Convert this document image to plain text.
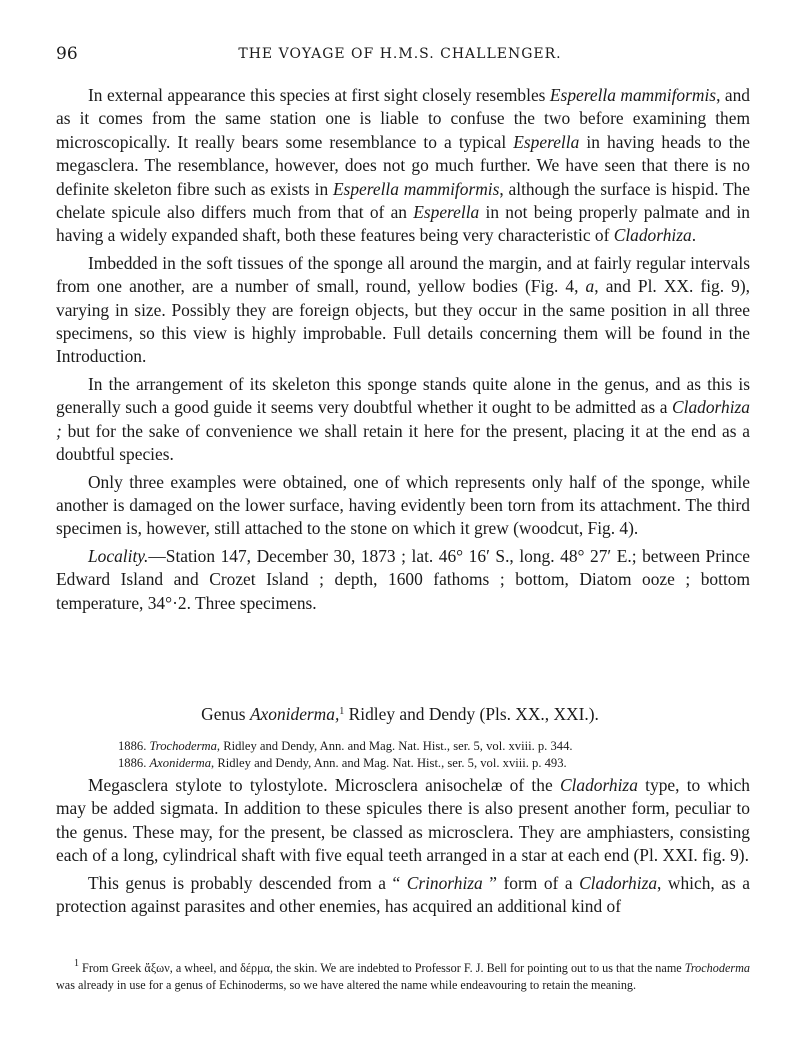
96	THE VOYAGE OF H.M.S. CHALLENGER.

In external appearance this species at first sight closely resembles Esperella mammiformis, and as it comes from the same station one is liable to confuse the two before examining them microscopically. It really bears some resemblance to a typical Esperella in having heads to the megasclera. The resemblance, however, does not go much further. We have seen that there is no definite skeleton fibre such as exists in Esperella mammiformis, although the surface is hispid. The chelate spicule also differs much from that of an Esperella in not being properly palmate and in having a widely expanded shaft, both these features being very characteristic of Cladorhiza.

Imbedded in the soft tissues of the sponge all around the margin, and at fairly regular intervals from one another, are a number of small, round, yellow bodies (Fig. 4, a, and Pl. XX. fig. 9), varying in size. Possibly they are foreign objects, but they occur in the same position in all three specimens, so this view is highly improbable. Full details concerning them will be found in the Introduction.

In the arrangement of its skeleton this sponge stands quite alone in the genus, and as this is generally such a good guide it seems very doubtful whether it ought to be admitted as a Cladorhiza ; but for the sake of convenience we shall retain it here for the present, placing it at the end as a doubtful species.

Only three examples were obtained, one of which represents only half of the sponge, while another is damaged on the lower surface, having evidently been torn from its attachment. The third specimen is, however, still attached to the stone on which it grew (woodcut, Fig. 4).

Locality.—Station 147, December 30, 1873 ; lat. 46° 16′ S., long. 48° 27′ E.; between Prince Edward Island and Crozet Island ; depth, 1600 fathoms ; bottom, Diatom ooze ; bottom temperature, 34°·2. Three specimens.

Genus Axoniderma,$^1$ Ridley and Dendy (Pls. XX., XXI.).
1886. Trochoderma, Ridley and Dendy, Ann. and Mag. Nat. Hist., ser. 5, vol. xviii. p. 344.
1886. Axoniderma, Ridley and Dendy, Ann. and Mag. Nat. Hist., ser. 5, vol. xviii. p. 493.

Megasclera stylote to tylostylote. Microsclera anisochelæ of the Cladorhiza type, to which may be added sigmata. In addition to these spicules there is also present another form, peculiar to the genus. These may, for the present, be classed as microsclera. They are amphiasters, consisting each of a long, cylindrical shaft with five equal teeth arranged in a star at each end (Pl. XXI. fig. 9).

This genus is probably descended from a “ Crinorhiza ” form of a Cladorhiza, which, as a protection against parasites and other enemies, has acquired an additional kind of

$^1$ From Greek ἄξων, a wheel, and δέρμα, the skin. We are indebted to Professor F. J. Bell for pointing out to us that the name Trochoderma was already in use for a genus of Echinoderms, so we have altered the name while endeavouring to retain the meaning.
